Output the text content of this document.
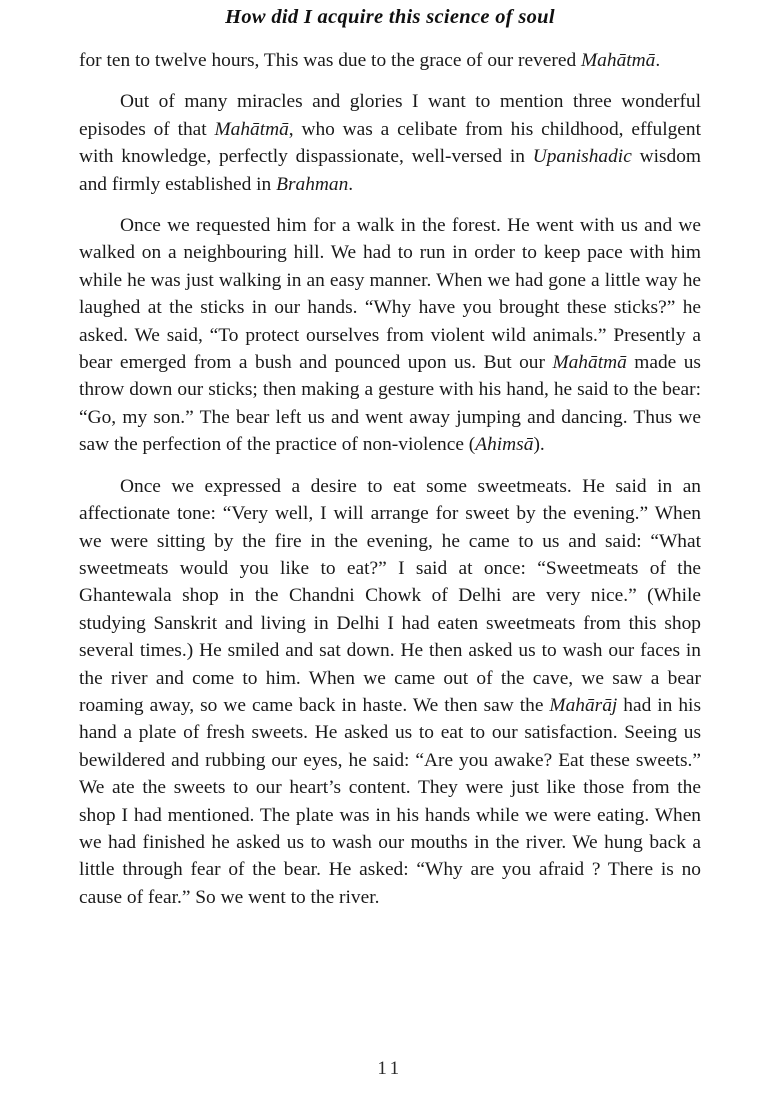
How did I acquire this science of soul

for ten to twelve hours, This was due to the grace of our revered Mahātmā.

Out of many miracles and glories I want to mention three wonderful episodes of that Mahātmā, who was a celibate from his childhood, effulgent with knowledge, perfectly dispassionate, well-versed in Upanishadic wisdom and firmly established in Brahman.

Once we requested him for a walk in the forest. He went with us and we walked on a neighbouring hill. We had to run in order to keep pace with him while he was just walking in an easy manner. When we had gone a little way he laughed at the sticks in our hands. “Why have you brought these sticks?” he asked. We said, “To protect ourselves from violent wild animals.” Presently a bear emerged from a bush and pounced upon us. But our Mahātmā made us throw down our sticks; then making a gesture with his hand, he said to the bear: “Go, my son.” The bear left us and went away jumping and dancing. Thus we saw the perfection of the practice of non-violence (Ahimsā).

Once we expressed a desire to eat some sweetmeats. He said in an affectionate tone: “Very well, I will arrange for sweet by the evening.” When we were sitting by the fire in the evening, he came to us and said: “What sweetmeats would you like to eat?” I said at once: “Sweetmeats of the Ghantewala shop in the Chandni Chowk of Delhi are very nice.” (While studying Sanskrit and living in Delhi I had eaten sweetmeats from this shop several times.) He smiled and sat down. He then asked us to wash our faces in the river and come to him. When we came out of the cave, we saw a bear roaming away, so we came back in haste. We then saw the Mahārāj had in his hand a plate of fresh sweets. He asked us to eat to our satisfaction. Seeing us bewildered and rubbing our eyes, he said: “Are you awake? Eat these sweets.” We ate the sweets to our heart’s content. They were just like those from the shop I had mentioned. The plate was in his hands while we were eating. When we had finished he asked us to wash our mouths in the river. We hung back a little through fear of the bear. He asked: “Why are you afraid ? There is no cause of fear.” So we went to the river.

11
